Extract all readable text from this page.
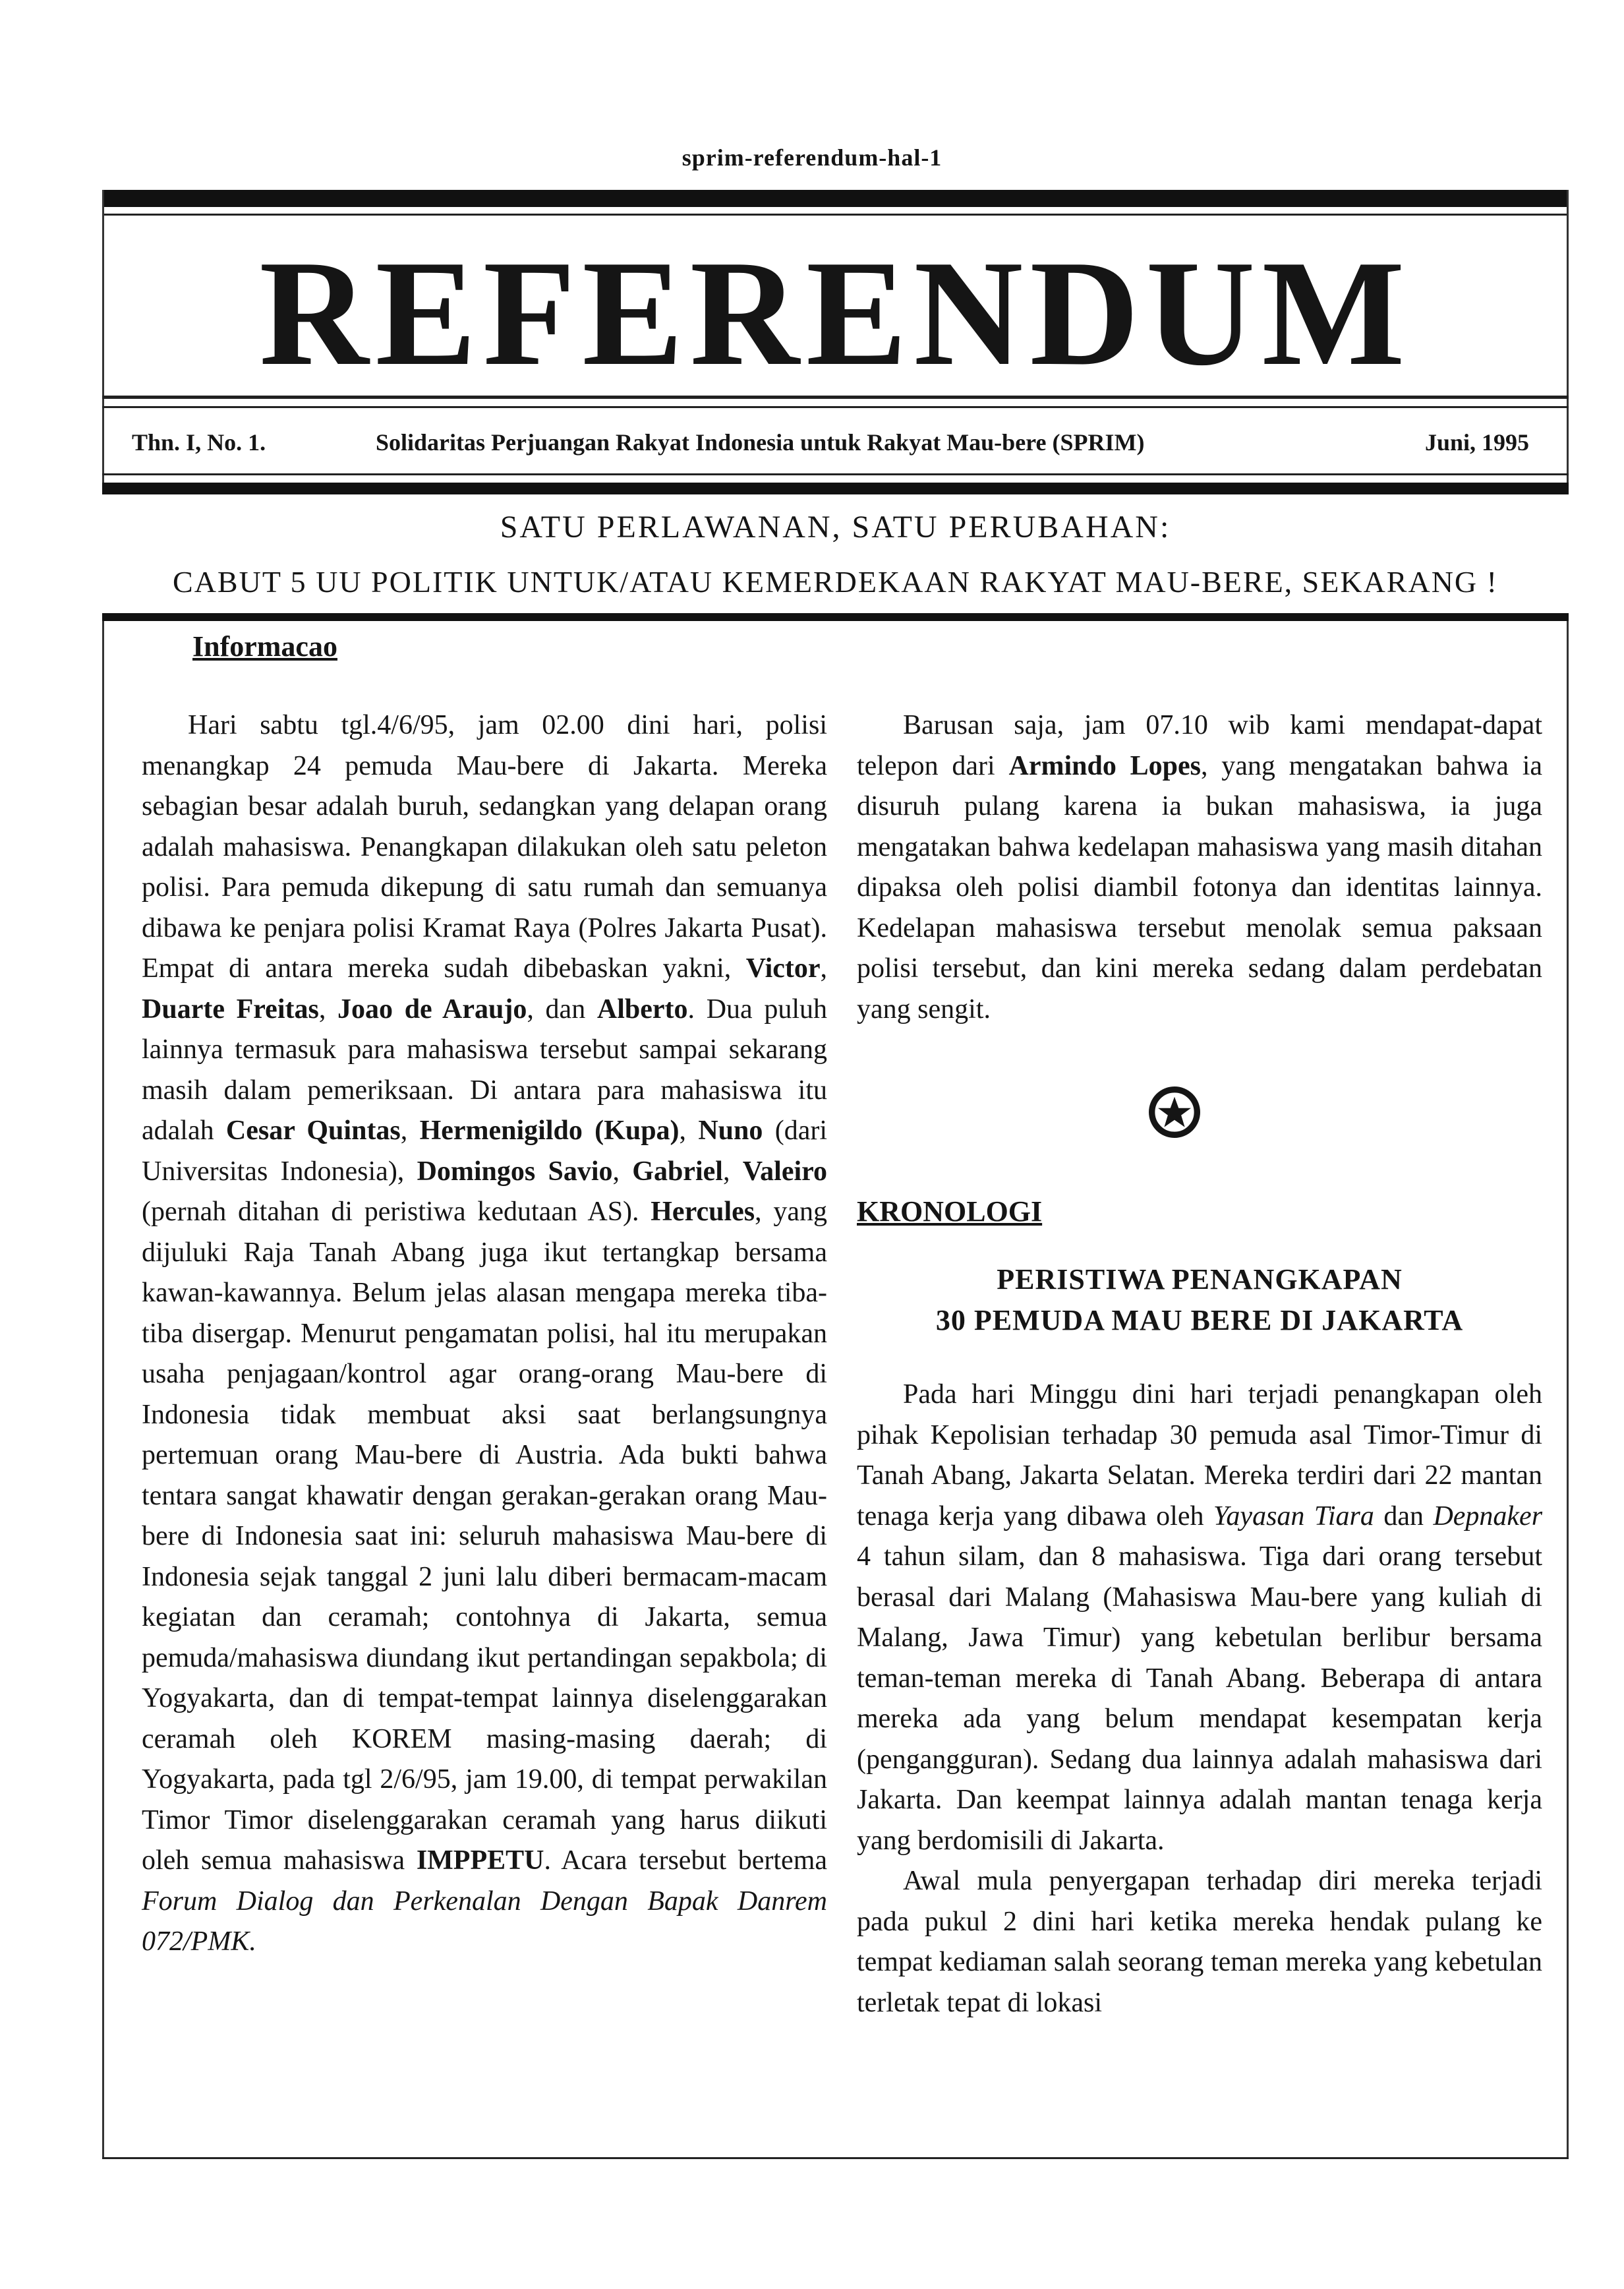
sprim-referendum-hal-1
REFERENDUM
Thn. I, No. 1.	Solidaritas Perjuangan Rakyat Indonesia untuk Rakyat Mau-bere (SPRIM)	Juni, 1995
SATU PERLAWANAN, SATU PERUBAHAN:
CABUT 5 UU POLITIK UNTUK/ATAU KEMERDEKAAN RAKYAT MAU-BERE, SEKARANG !
Informacao

Hari sabtu tgl.4/6/95, jam 02.00 dini hari, polisi menangkap 24 pemuda Mau-bere di Jakarta. Mereka sebagian besar adalah buruh, sedangkan yang delapan orang adalah mahasiswa. Penangkapan dilakukan oleh satu peleton polisi. Para pemuda dikepung di satu rumah dan semuanya dibawa ke penjara polisi Kramat Raya (Polres Jakarta Pusat). Empat di antara mereka sudah dibebaskan yakni, Victor, Duarte Freitas, Joao de Araujo, dan Alberto. Dua puluh lainnya termasuk para mahasiswa tersebut sampai sekarang masih dalam pemeriksaan. Di antara para mahasiswa itu adalah Cesar Quintas, Hermenigildo (Kupa), Nuno (dari Universitas Indonesia), Domingos Savio, Gabriel, Valeiro (pernah ditahan di peristiwa kedutaan AS). Hercules, yang dijuluki Raja Tanah Abang juga ikut tertangkap bersama kawan-kawannya. Belum jelas alasan mengapa mereka tiba-tiba disergap. Menurut pengamatan polisi, hal itu merupakan usaha penjagaan/kontrol agar orang-orang Mau-bere di Indonesia tidak membuat aksi saat berlangsungnya pertemuan orang Mau-bere di Austria. Ada bukti bahwa tentara sangat khawatir dengan gerakan-gerakan orang Mau-bere di Indonesia saat ini: seluruh mahasiswa Mau-bere di Indonesia sejak tanggal 2 juni lalu diberi bermacam-macam kegiatan dan ceramah; contohnya di Jakarta, semua pemuda/mahasiswa diundang ikut pertandingan sepakbola; di Yogyakarta, dan di tempat-tempat lainnya diselenggarakan ceramah oleh KOREM masing-masing daerah; di Yogyakarta, pada tgl 2/6/95, jam 19.00, di tempat perwakilan Timor Timor diselenggarakan ceramah yang harus diikuti oleh semua mahasiswa IMPPETU. Acara tersebut bertema Forum Dialog dan Perkenalan Dengan Bapak Danrem 072/PMK.

Barusan saja, jam 07.10 wib kami mendapat-dapat telepon dari Armindo Lopes, yang mengatakan bahwa ia disuruh pulang karena ia bukan mahasiswa, ia juga mengatakan bahwa kedelapan mahasiswa yang masih ditahan dipaksa oleh polisi diambil fotonya dan identitas lainnya. Kedelapan mahasiswa tersebut menolak semua paksaan polisi tersebut, dan kini mereka sedang dalam perdebatan yang sengit.

KRONOLOGI
PERISTIWA PENANGKAPAN
30 PEMUDA MAU BERE DI JAKARTA

Pada hari Minggu dini hari terjadi penangkapan oleh pihak Kepolisian terhadap 30 pemuda asal Timor-Timur di Tanah Abang, Jakarta Selatan. Mereka terdiri dari 22 mantan tenaga kerja yang dibawa oleh Yayasan Tiara dan Depnaker 4 tahun silam, dan 8 mahasiswa. Tiga dari orang tersebut berasal dari Malang (Mahasiswa Mau-bere yang kuliah di Malang, Jawa Timur) yang kebetulan berlibur bersama teman-teman mereka di Tanah Abang. Beberapa di antara mereka ada yang belum mendapat kesempatan kerja (pengangguran). Sedang dua lainnya adalah mahasiswa dari Jakarta. Dan keempat lainnya adalah mantan tenaga kerja yang berdomisili di Jakarta.

Awal mula penyergapan terhadap diri mereka terjadi pada pukul 2 dini hari ketika mereka hendak pulang ke tempat kediaman salah seorang teman mereka yang kebetulan terletak tepat di lokasi
